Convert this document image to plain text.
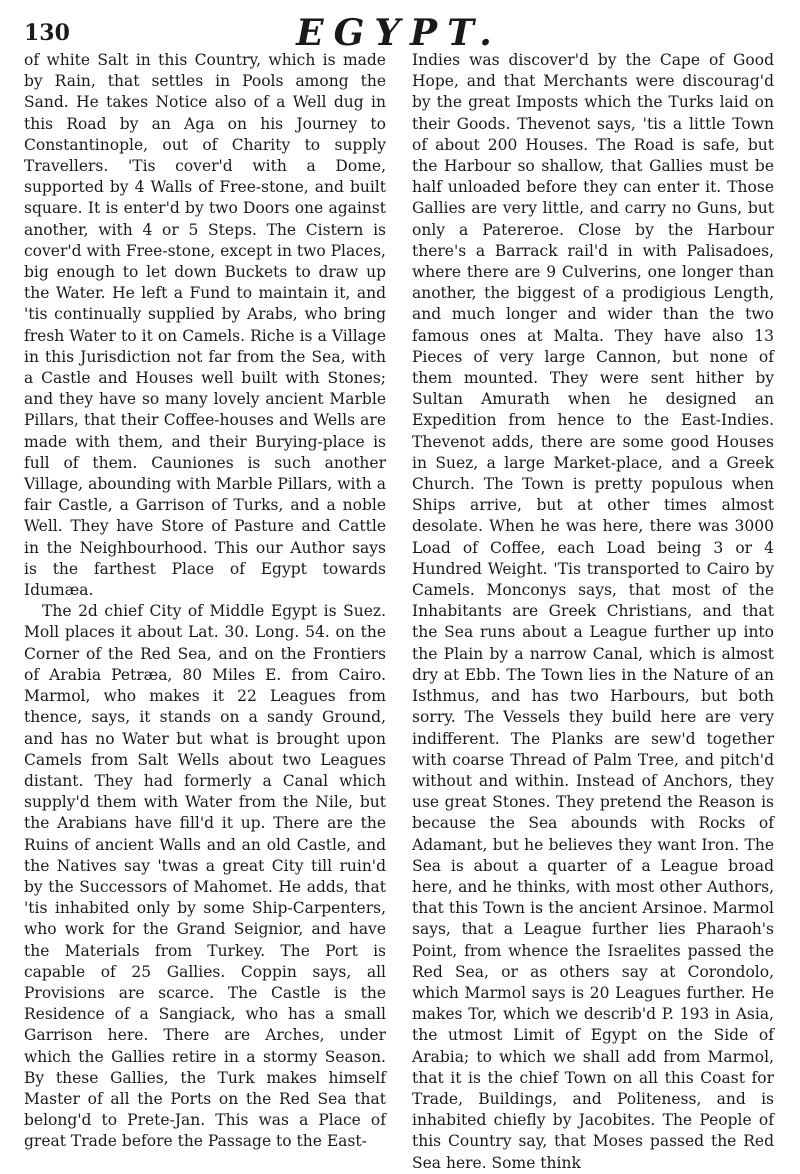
130	EGYPT.

of white Salt in this Country, which is made by Rain, that settles in Pools among the Sand. He takes Notice also of a Well dug in this Road by an Aga on his Journey to Constantinople, out of Charity to supply Travellers. 'Tis cover'd with a Dome, supported by 4 Walls of Free-stone, and built square. It is enter'd by two Doors one against another, with 4 or 5 Steps. The Cistern is cover'd with Free-stone, except in two Places, big enough to let down Buckets to draw up the Water. He left a Fund to maintain it, and 'tis continually supplied by Arabs, who bring fresh Water to it on Camels. Riche is a Village in this Jurisdiction not far from the Sea, with a Castle and Houses well built with Stones; and they have so many lovely ancient Marble Pillars, that their Coffee-houses and Wells are made with them, and their Burying-place is full of them. Cauniones is such another Village, abounding with Marble Pillars, with a fair Castle, a Garrison of Turks, and a noble Well. They have Store of Pasture and Cattle in the Neighbourhood. This our Author says is the farthest Place of Egypt towards Idumæa.

The 2d chief City of Middle Egypt is Suez. Moll places it about Lat. 30. Long. 54. on the Corner of the Red Sea, and on the Frontiers of Arabia Petræa, 80 Miles E. from Cairo. Marmol, who makes it 22 Leagues from thence, says, it stands on a sandy Ground, and has no Water but what is brought upon Camels from Salt Wells about two Leagues distant. They had formerly a Canal which supply'd them with Water from the Nile, but the Arabians have fill'd it up. There are the Ruins of ancient Walls and an old Castle, and the Natives say 'twas a great City till ruin'd by the Successors of Mahomet. He adds, that 'tis inhabited only by some Ship-Carpenters, who work for the Grand Seignior, and have the Materials from Turkey. The Port is capable of 25 Gallies. Coppin says, all Provisions are scarce. The Castle is the Residence of a Sangiack, who has a small Garrison here. There are Arches, under which the Gallies retire in a stormy Season. By these Gallies, the Turk makes himself Master of all the Ports on the Red Sea that belong'd to Prete-Jan. This was a Place of great Trade before the Passage to the East-

Indies was discover'd by the Cape of Good Hope, and that Merchants were discourag'd by the great Imposts which the Turks laid on their Goods. Thevenot says, 'tis a little Town of about 200 Houses. The Road is safe, but the Harbour so shallow, that Gallies must be half unloaded before they can enter it. Those Gallies are very little, and carry no Guns, but only a Patereroe. Close by the Harbour there's a Barrack rail'd in with Palisadoes, where there are 9 Culverins, one longer than another, the biggest of a prodigious Length, and much longer and wider than the two famous ones at Malta. They have also 13 Pieces of very large Cannon, but none of them mounted. They were sent hither by Sultan Amurath when he designed an Expedition from hence to the East-Indies. Thevenot adds, there are some good Houses in Suez, a large Market-place, and a Greek Church. The Town is pretty populous when Ships arrive, but at other times almost desolate. When he was here, there was 3000 Load of Coffee, each Load being 3 or 4 Hundred Weight. 'Tis transported to Cairo by Camels. Monconys says, that most of the Inhabitants are Greek Christians, and that the Sea runs about a League further up into the Plain by a narrow Canal, which is almost dry at Ebb. The Town lies in the Nature of an Isthmus, and has two Harbours, but both sorry. The Vessels they build here are very indifferent. The Planks are sew'd together with coarse Thread of Palm Tree, and pitch'd without and within. Instead of Anchors, they use great Stones. They pretend the Reason is because the Sea abounds with Rocks of Adamant, but he believes they want Iron. The Sea is about a quarter of a League broad here, and he thinks, with most other Authors, that this Town is the ancient Arsinoe. Marmol says, that a League further lies Pharaoh's Point, from whence the Israelites passed the Red Sea, or as others say at Corondolo, which Marmol says is 20 Leagues further. He makes Tor, which we describ'd P. 193 in Asia, the utmost Limit of Egypt on the Side of Arabia; to which we shall add from Marmol, that it is the chief Town on all this Coast for Trade, Buildings, and Politeness, and is inhabited chiefly by Jacobites. The People of this Country say, that Moses passed the Red Sea here. Some think
